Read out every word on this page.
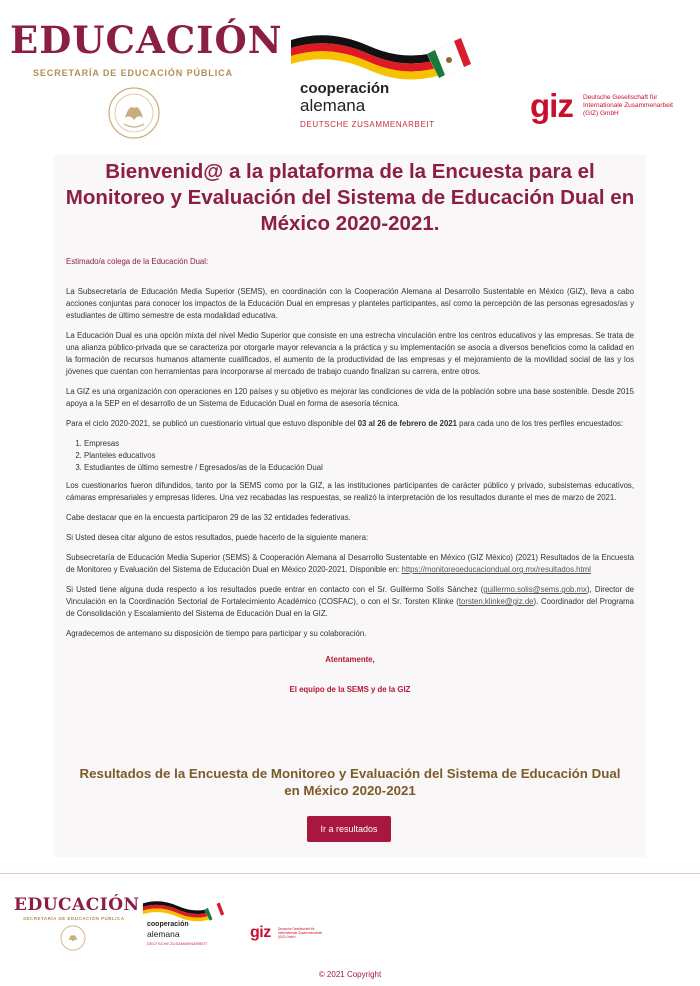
EDUCACIÓN
SECRETARÍA DE EDUCACIÓN PÚBLICA
cooperación
alemana
DEUTSCHE ZUSAMMENARBEIT
giz Deutsche Gesellschaft für Internationale Zusammenarbeit (GIZ) GmbH
Bienvenid@ a la plataforma de la Encuesta para el Monitoreo y Evaluación del Sistema de Educación Dual en México 2020-2021.

Estimado/a colega de la Educación Dual:

La Subsecretaría de Educación Media Superior (SEMS), en coordinación con la Cooperación Alemana al Desarrollo Sustentable en México (GIZ), lleva a cabo acciones conjuntas para conocer los impactos de la Educación Dual en empresas y planteles participantes, así como la percepción de las personas egresados/as y estudiantes de último semestre de esta modalidad educativa.

La Educación Dual es una opción mixta del nivel Medio Superior que consiste en una estrecha vinculación entre los centros educativos y las empresas. Se trata de una alianza público-privada que se caracteriza por otorgarle mayor relevancia a la práctica y su implementación se asocia a diversos beneficios como la calidad en la formación de recursos humanos altamente cualificados, el aumento de la productividad de las empresas y el mejoramiento de la movilidad social de las y los jóvenes que cuentan con herramientas para incorporarse al mercado de trabajo cuando finalizan su carrera, entre otros.

La GIZ es una organización con operaciones en 120 países y su objetivo es mejorar las condiciones de vida de la población sobre una base sostenible. Desde 2015 apoya a la SEP en el desarrollo de un Sistema de Educación Dual en forma de asesoría técnica.

Para el ciclo 2020-2021, se publicó un cuestionario virtual que estuvo disponible del 03 al 26 de febrero de 2021 para cada uno de los tres perfiles encuestados:

1. Empresas
2. Planteles educativos
3. Estudiantes de último semestre / Egresados/as de la Educación Dual

Los cuestionarios fueron difundidos, tanto por la SEMS como por la GIZ, a las instituciones participantes de carácter público y privado, subsistemas educativos, cámaras empresariales y empresas líderes. Una vez recabadas las respuestas, se realizó la interpretación de los resultados durante el mes de marzo de 2021.

Cabe destacar que en la encuesta participaron 29 de las 32 entidades federativas.

Si Usted desea citar alguno de estos resultados, puede hacerlo de la siguiente manera:

Subsecretaría de Educación Media Superior (SEMS) & Cooperación Alemana al Desarrollo Sustentable en México (GIZ México) (2021) Resultados de la Encuesta de Monitoreo y Evaluación del Sistema de Educación Dual en México 2020-2021. Disponible en: https://monitoreoeducaciondual.org.mx/resultados.html

Si Usted tiene alguna duda respecto a los resultados puede entrar en contacto con el Sr. Guillermo Solís Sánchez (guillermo.solis@sems.gob.mx), Director de Vinculación en la Coordinación Sectorial de Fortalecimiento Académico (COSFAC), o con el Sr. Torsten Klinke (torsten.klinke@giz.de). Coordinador del Programa de Consolidación y Escalamiento del Sistema de Educación Dual en la GIZ.

Agradecemos de antemano su disposición de tiempo para participar y su colaboración.

Atentamente,

El equipo de la SEMS y de la GIZ

Resultados de la Encuesta de Monitoreo y Evaluación del Sistema de Educación Dual en México 2020-2021
Ir a resultados
EDUCACIÓN
SECRETARÍA DE EDUCACIÓN PÚBLICA
cooperación
alemana
DEUTSCHE ZUSAMMENARBEIT
giz Deutsche Gesellschaft für Internationale Zusammenarbeit (GIZ) GmbH
© 2021 Copyright
